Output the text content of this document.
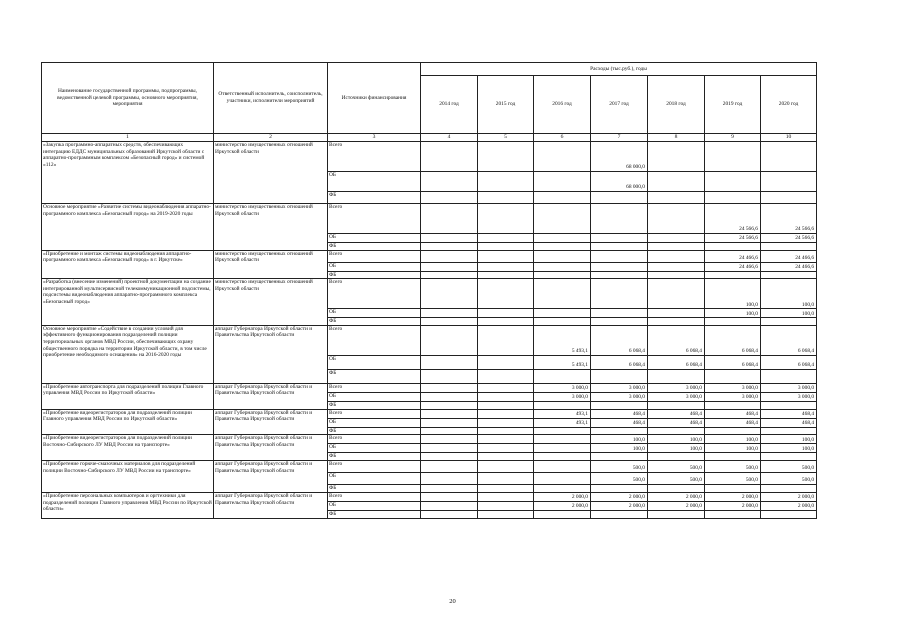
Наименование государственной программы, подпрограммы, ведомственной целевой программы, основного мероприятия, мероприятия	Ответственный исполнитель, соисполнитель, участники, исполнители мероприятий	Источники финансирования	Расходы (тыс.руб.), годы						
			2014 год	2015 год	2016 год	2017 год	2018 год	2019 год	2020 год
1	2	3	4	5	6	7	8	9	10
«Закупка программно-аппаратных средств, обеспечивающих интеграцию ЕДДС муниципальных образований Иркутской области с аппаратно-программным комплексом «Безопасный город» и системой «112»	министерство имущественных отношений Иркутской области	Всего				68 000,0			
		ОБ				68 000,0			
		ФБ							
Основное мероприятие «Развитие системы видеонаблюдения аппаратно-программного комплекса «Безопасный город» на 2019-2020 годы	министерство имущественных отношений Иркутской области	Всего						24 566,6	24 566,6
		ОБ						24 566,6	24 566,6
		ФБ							
«Приобретение и монтаж системы видеонаблюдения аппаратно-программного комплекса «Безопасный город» в г. Иркутске»	министерство имущественных отношений Иркутской области	Всего						24 466,6	24 466,6
		ОБ						24 466,6	24 466,6
		ФБ							
«Разработка (внесение изменений) проектной документации на создание интегрированной мультисервисной телекоммуникационной подсистемы, подсистемы видеонаблюдения аппаратно-программного комплекса «Безопасный город»	министерство имущественных отношений Иркутской области	Всего						100,0	100,0
		ОБ						100,0	100,0
		ФБ							
Основное мероприятие «Содействие в создании условий для эффективного функционирования подразделений полиции территориальных органов МВД России, обеспечивающих охрану общественного порядка на территории Иркутской области, в том числе приобретение необходимого оснащения» на 2016-2020 годы	аппарат Губернатора Иркутской области и Правительства Иркутской области	Всего			5 493,1	6 068,4	6 068,4	6 068,4	6 068,4
		ОБ			5 493,1	6 068,4	6 068,4	6 068,4	6 068,4
		ФБ							
«Приобретение автотранспорта для подразделений полиции Главного управления МВД России по Иркутской области»	аппарат Губернатора Иркутской области и Правительства Иркутской области	Всего			3 000,0	3 000,0	3 000,0	3 000,0	3 000,0
		ОБ			3 000,0	3 000,0	3 000,0	3 000,0	3 000,0
		ФБ							
«Приобретение видеорегистраторов для подразделений полиции Главного управления МВД России по Иркутской области»	аппарат Губернатора Иркутской области и Правительства Иркутской области	Всего			493,1	468,4	468,4	468,4	468,4
		ОБ			493,1	468,4	468,4	468,4	468,4
		ФБ							
«Приобретение видеорегистраторов для подразделений полиции Восточно-Сибирского ЛУ МВД России на транспорте»	аппарат Губернатора Иркутской области и Правительства Иркутской области	Всего				100,0	100,0	100,0	100,0
		ОБ				100,0	100,0	100,0	100,0
		ФБ							
«Приобретение горюче-смазочных материалов для подразделений полиции Восточно-Сибирского ЛУ МВД России на транспорте»	аппарат Губернатора Иркутской области и Правительства Иркутской области	Всего				500,0	500,0	500,0	500,0
		ОБ				500,0	500,0	500,0	500,0
		ФБ							
«Приобретение персональных компьютеров и оргтехники для подразделений полиции Главного управления МВД России по Иркутской области»	аппарат Губернатора Иркутской области и Правительства Иркутской области	Всего			2 000,0	2 000,0	2 000,0	2 000,0	2 000,0
		ОБ			2 000,0	2 000,0	2 000,0	2 000,0	2 000,0
		ФБ							
20
